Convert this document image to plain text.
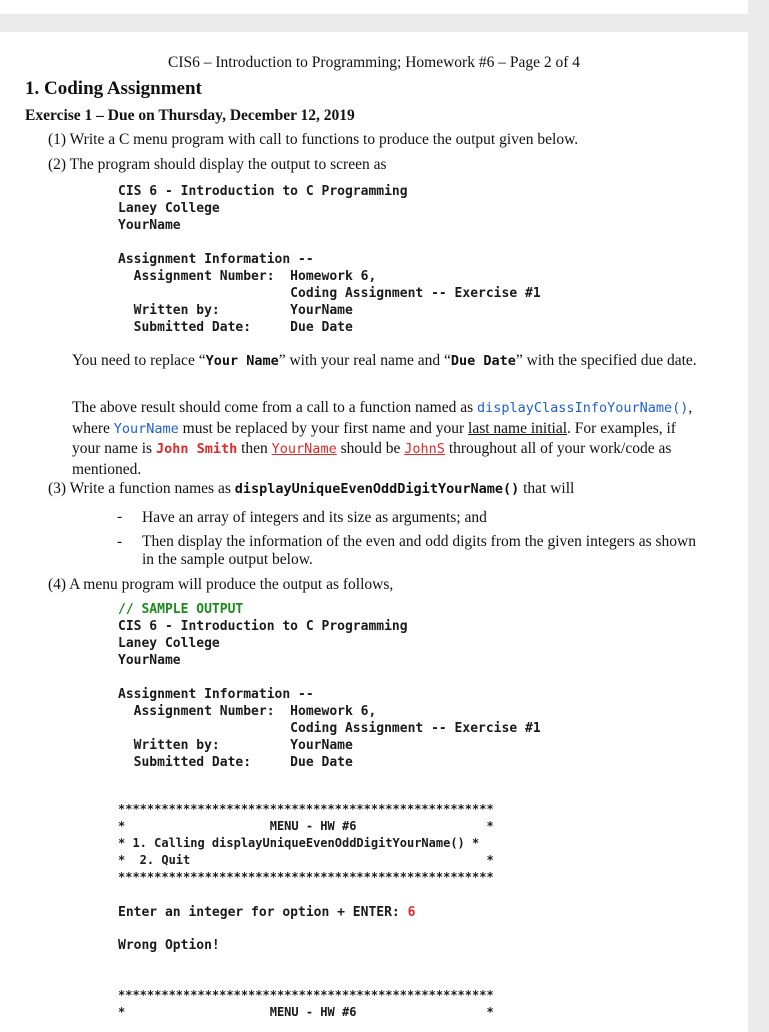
CIS6 – Introduction to Programming; Homework #6 – Page 2 of 4
1. Coding Assignment
Exercise 1 – Due on Thursday, December 12, 2019
(1) Write a C menu program with call to functions to produce the output given below.
(2) The program should display the output to screen as
CIS 6 - Introduction to C Programming
Laney College
YourName
Assignment Information --
Assignment Number:  Homework 6,
Coding Assignment -- Exercise #1
Written by:         YourName
Submitted Date:     Due Date
You need to replace “Your Name” with your real name and “Due Date” with the specified due date.
The above result should come from a call to a function named as displayClassInfoYourName(), where YourName must be replaced by your first name and your last name initial. For examples, if your name is John Smith then YourName should be JohnS throughout all of your work/code as mentioned.
(3) Write a function names as displayUniqueEvenOddDigitYourName() that will
- Have an array of integers and its size as arguments; and
- Then display the information of the even and odd digits from the given integers as shown in the sample output below.
(4) A menu program will produce the output as follows,
// SAMPLE OUTPUT
CIS 6 - Introduction to C Programming
Laney College
YourName
Assignment Information --
Assignment Number:  Homework 6,
Coding Assignment -- Exercise #1
Written by:         YourName
Submitted Date:     Due Date
****************************************************
*                    MENU - HW #6                  *
* 1. Calling displayUniqueEvenOddDigitYourName() *
*  2. Quit                                         *
****************************************************
Enter an integer for option + ENTER: 6
Wrong Option!
****************************************************
*                    MENU - HW #6                  *
